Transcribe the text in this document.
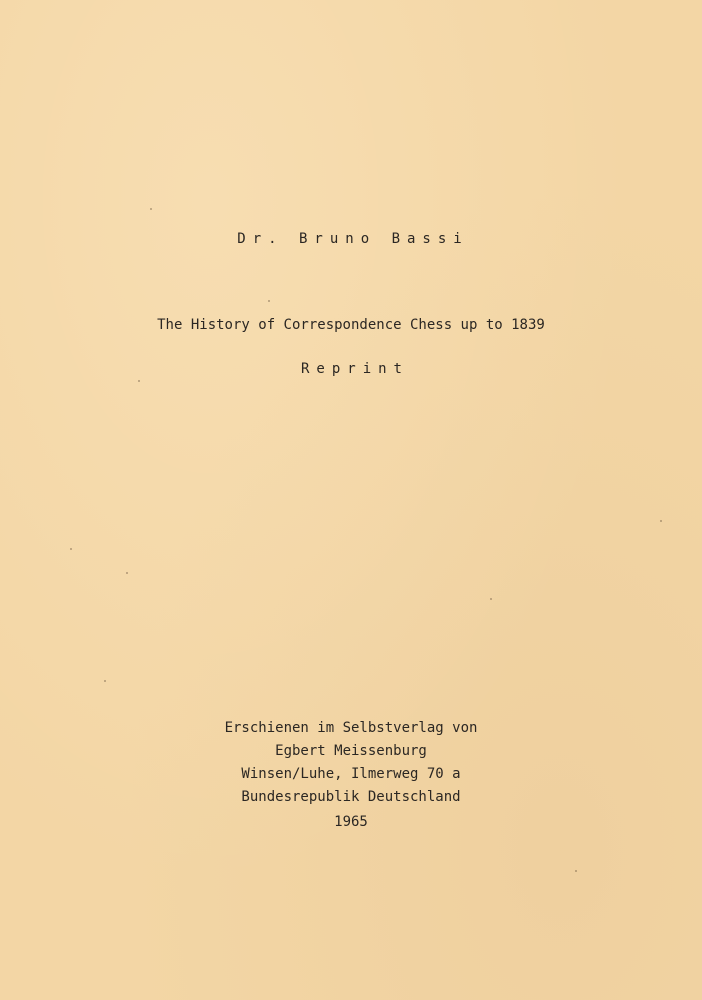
Dr. Bruno Bassi
The History of Correspondence Chess up to 1839
Reprint
Erschienen im Selbstverlag von
Egbert Meissenburg
Winsen/Luhe, Ilmerweg 70 a
Bundesrepublik Deutschland
1965
